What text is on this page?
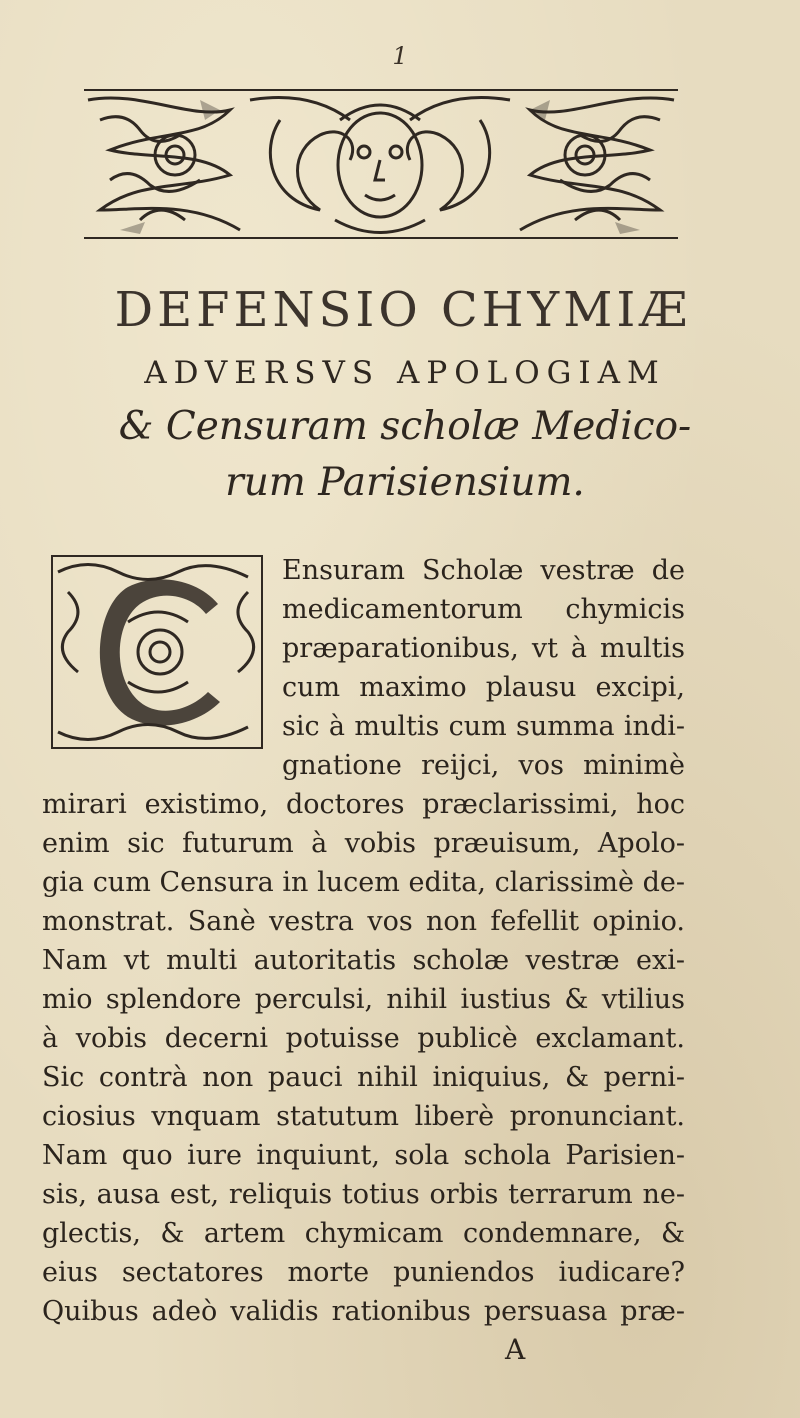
1
DEFENSIO CHYMIÆ
ADVERSVS APOLOGIAM
& Censuram scholæ Medico-
rum Parisiensium.
Ensuram Scholæ vestræ de
medicamentorum chymicis
præparationibus, vt à multis
cum maximo plausu excipi,
sic à multis cum summa indi-
gnatione reijci, vos minimè
mirari existimo, doctores præclarissimi, hoc
enim sic futurum à vobis præuisum, Apolo-
gia cum Censura in lucem edita, clarissimè de-
monstrat. Sanè vestra vos non fefellit opinio.
Nam vt multi autoritatis scholæ vestræ exi-
mio splendore perculsi, nihil iustius & vtilius
à vobis decerni potuisse publicè exclamant.
Sic contrà non pauci nihil iniquius, & perni-
ciosius vnquam statutum liberè pronunciant.
Nam quo iure inquiunt, sola schola Parisien-
sis, ausa est, reliquis totius orbis terrarum ne-
glectis, & artem chymicam condemnare, &
eius sectatores morte puniendos iudicare?
Quibus adeò validis rationibus persuasa præ-
A
